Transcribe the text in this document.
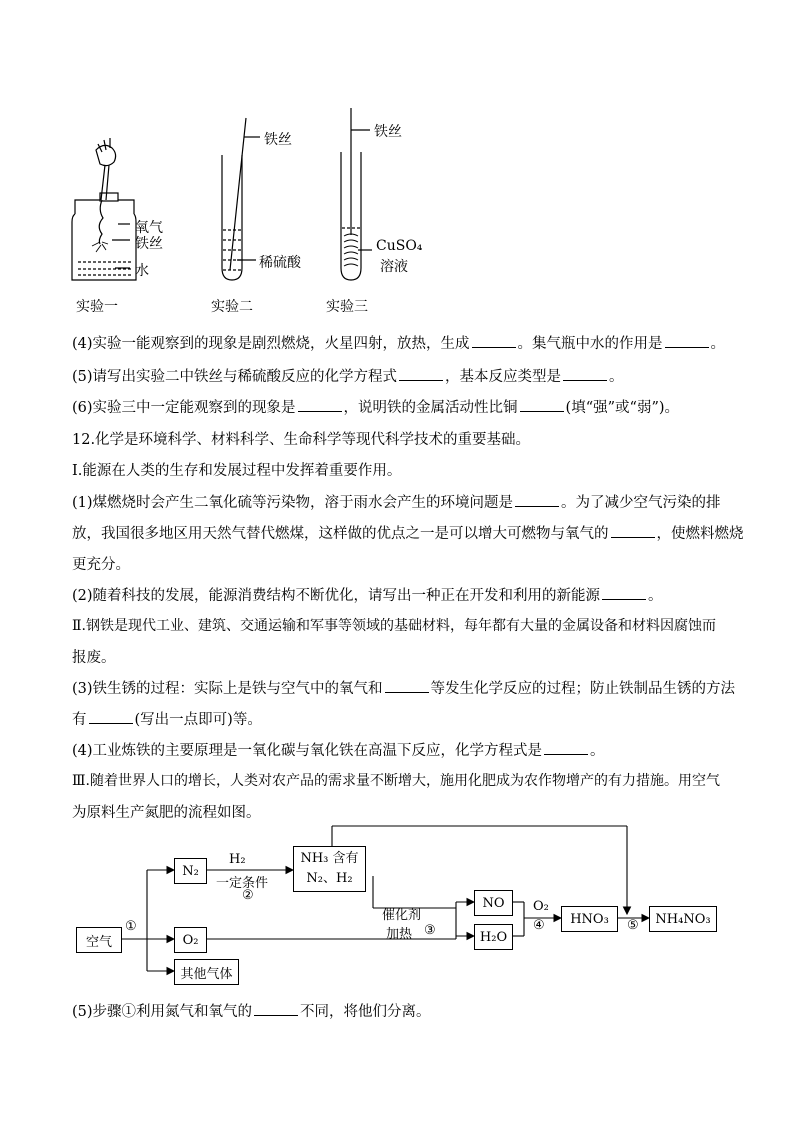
氧气
铁丝
水
实验一
铁丝
稀硫酸
实验二
铁丝
CuSO₄
溶液
实验三
(4)实验一能观察到的现象是剧烈燃烧，火星四射，放热，生成	。集气瓶中水的作用是	。
(5)请写出实验二中铁丝与稀硫酸反应的化学方程式	，基本反应类型是	。
(6)实验三中一定能观察到的现象是	，说明铁的金属活动性比铜	(填“强”或“弱”)。
12.化学是环境科学、材料科学、生命科学等现代科学技术的重要基础。
Ⅰ.能源在人类的生存和发展过程中发挥着重要作用。
(1)煤燃烧时会产生二氧化硫等污染物，溶于雨水会产生的环境问题是	。为了减少空气污染的排
放，我国很多地区用天然气替代燃煤，这样做的优点之一是可以增大可燃物与氧气的	，使燃料燃烧
更充分。
(2)随着科技的发展，能源消费结构不断优化，请写出一种正在开发和利用的新能源	。
Ⅱ.钢铁是现代工业、建筑、交通运输和军事等领域的基础材料，每年都有大量的金属设备和材料因腐蚀而
报废。
(3)铁生锈的过程：实际上是铁与空气中的氧气和	等发生化学反应的过程；防止铁制品生锈的方法
有	(写出一点即可)等。
(4)工业炼铁的主要原理是一氧化碳与氧化铁在高温下反应，化学方程式是	。
Ⅲ.随着世界人口的增长，人类对农产品的需求量不断增大，施用化肥成为农作物增产的有力措施。用空气
为原料生产氮肥的流程如图。
空气
①
N₂
O₂
其他气体
H₂
一定条件
②
NH₃ 含有
N₂、H₂
催化剂
加热 ③
NO
H₂O
O₂
④	HNO₃	⑤	NH₄NO₃
(5)步骤①利用氮气和氧气的	不同，将他们分离。
